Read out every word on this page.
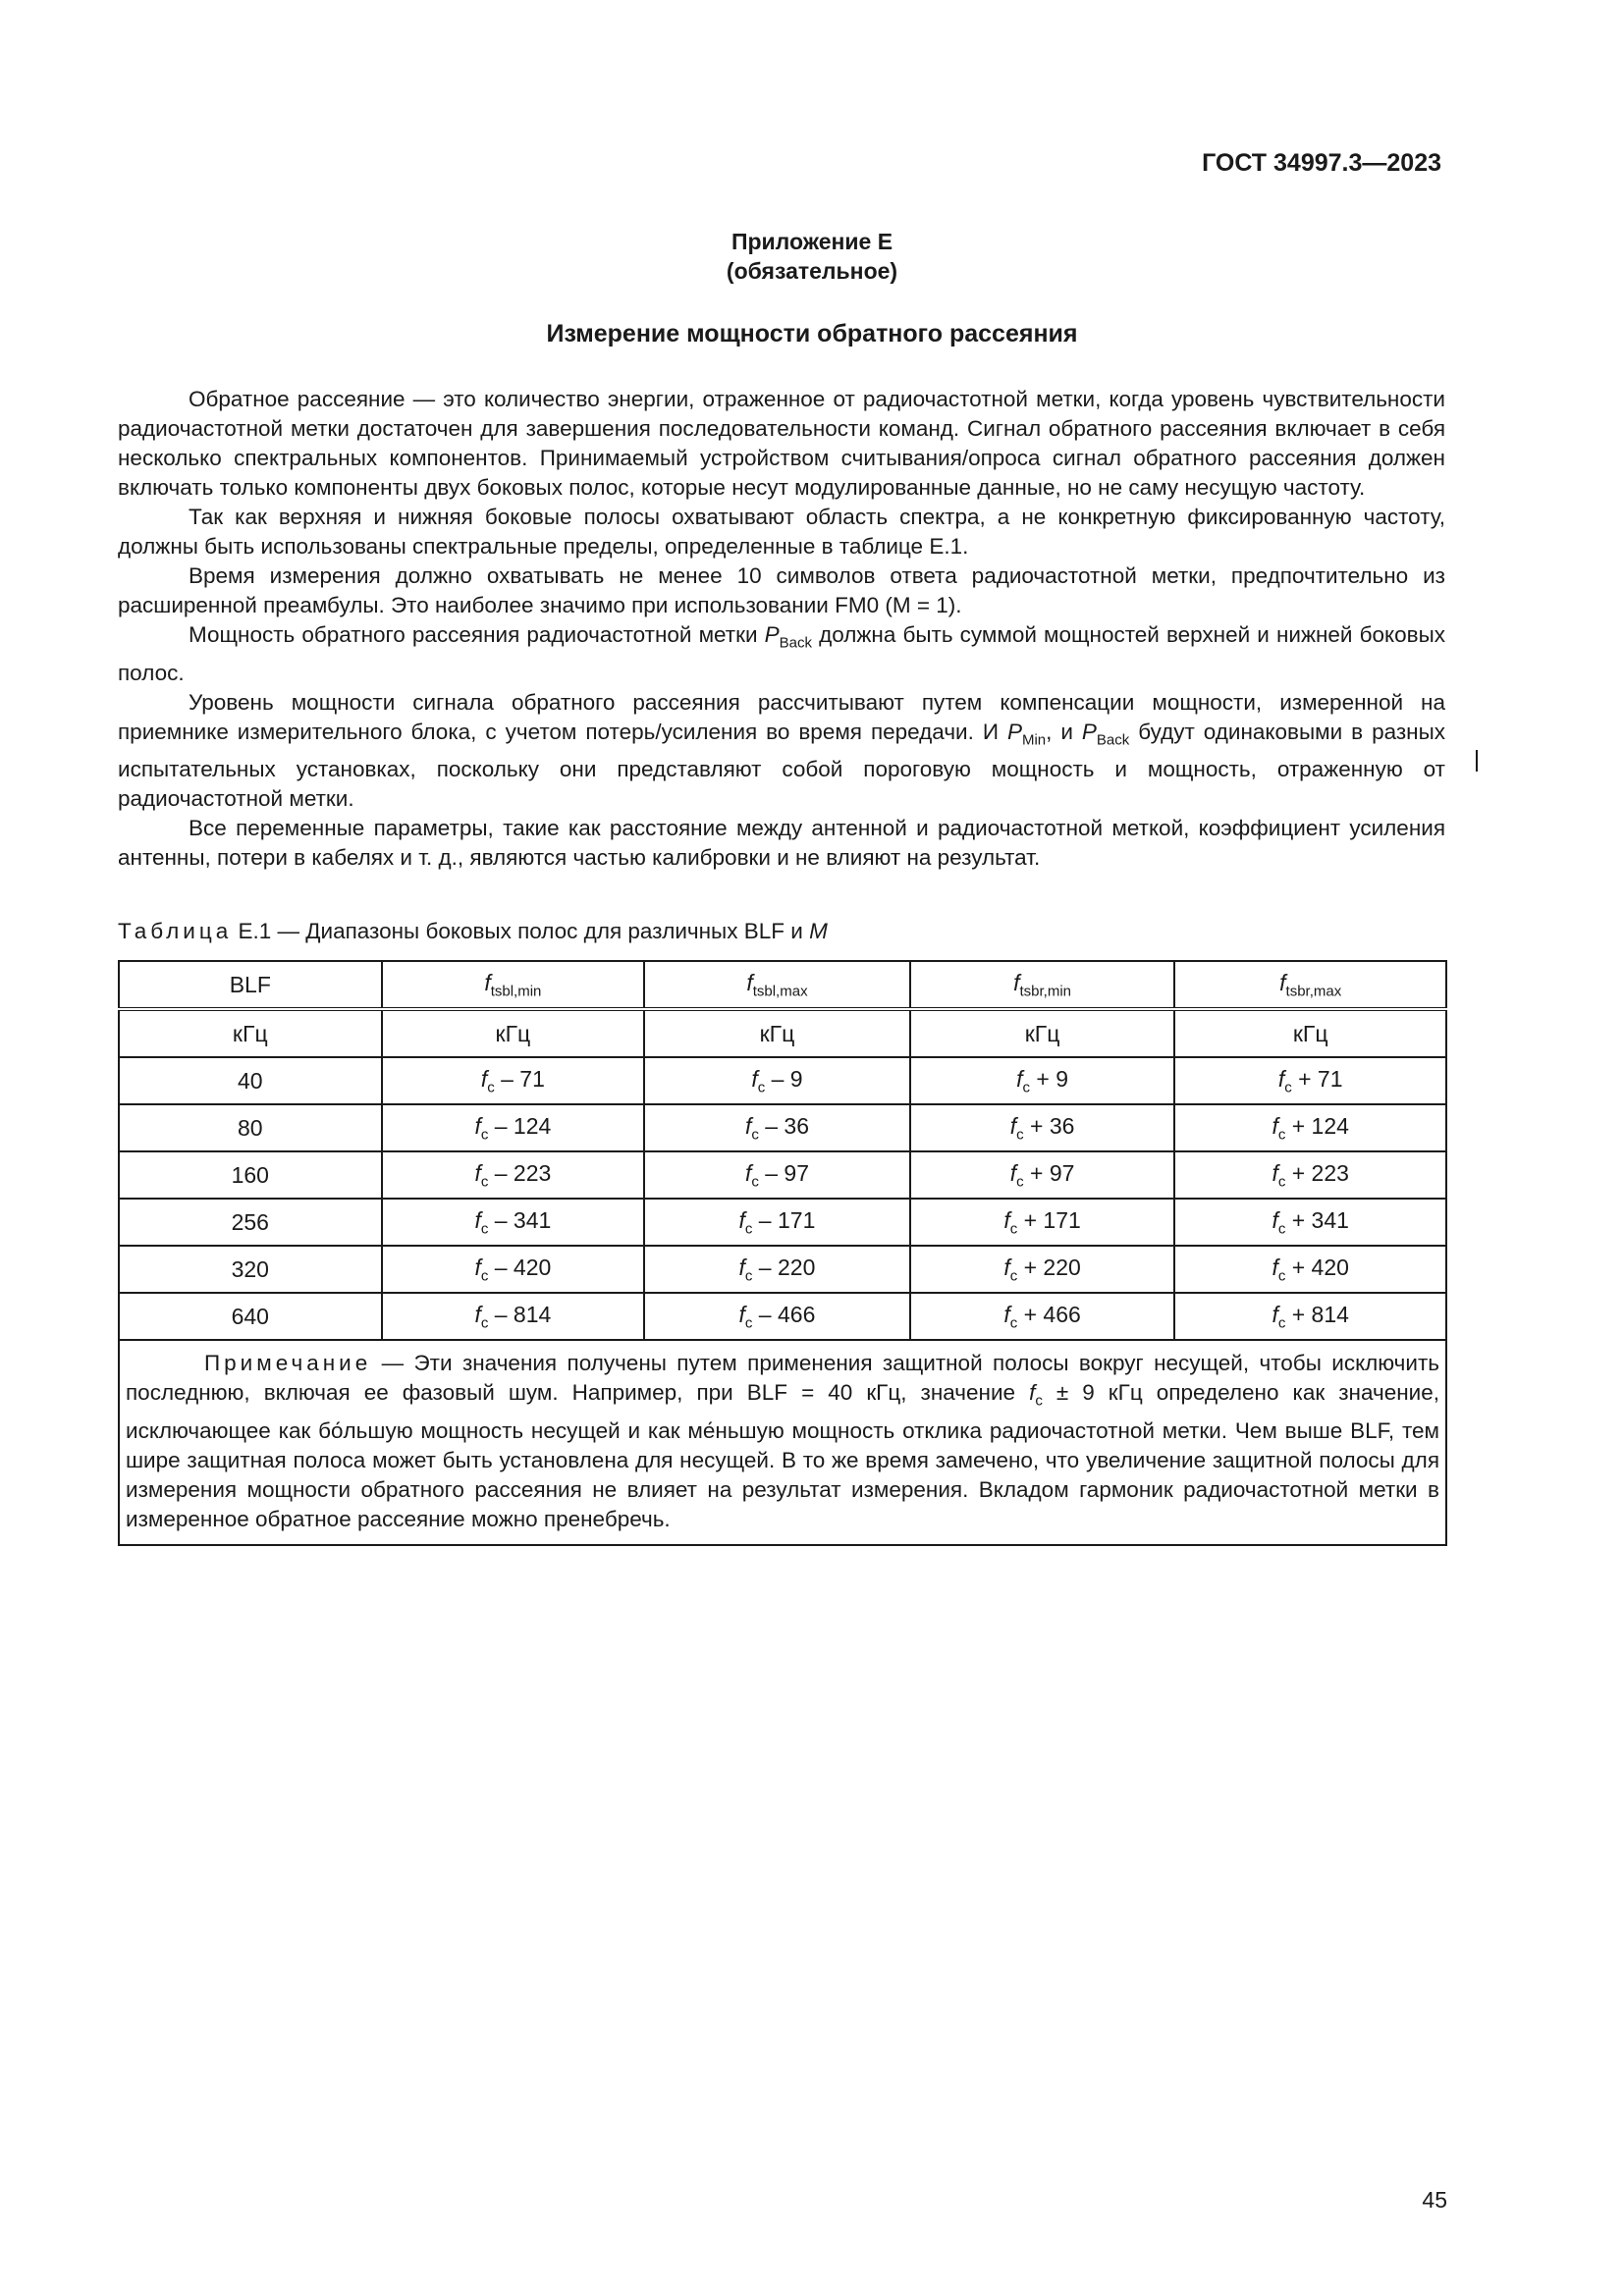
ГОСТ 34997.3—2023
Приложение Е
(обязательное)
Измерение мощности обратного рассеяния

Обратное рассеяние — это количество энергии, отраженное от радиочастотной метки, когда уровень чувствительности радиочастотной метки достаточен для завершения последовательности команд. Сигнал обратного рассеяния включает в себя несколько спектральных компонентов. Принимаемый устройством считывания/опроса сигнал обратного рассеяния должен включать только компоненты двух боковых полос, которые несут модулированные данные, но не саму несущую частоту.

Так как верхняя и нижняя боковые полосы охватывают область спектра, а не конкретную фиксированную частоту, должны быть использованы спектральные пределы, определенные в таблице Е.1.

Время измерения должно охватывать не менее 10 символов ответа радиочастотной метки, предпочтительно из расширенной преамбулы. Это наиболее значимо при использовании FM0 (M = 1).

Мощность обратного рассеяния радиочастотной метки $P_{Back}$ должна быть суммой мощностей верхней и нижней боковых полос.

Уровень мощности сигнала обратного рассеяния рассчитывают путем компенсации мощности, измеренной на приемнике измерительного блока, с учетом потерь/усиления во время передачи. И $P_{Min}$, и $P_{Back}$ будут одинаковыми в разных испытательных установках, поскольку они представляют собой пороговую мощность и мощность, отраженную от радиочастотной метки.

Все переменные параметры, такие как расстояние между антенной и радиочастотной меткой, коэффициент усиления антенны, потери в кабелях и т. д., являются частью калибровки и не влияют на результат.

Таблица Е.1 — Диапазоны боковых полос для различных BLF и M
BLF	$f_{tsbl,min}$	$f_{tsbl,max}$	$f_{tsbr,min}$	$f_{tsbr,max}$
кГц	кГц	кГц	кГц	кГц
40	$f_c - 71$	$f_c - 9$	$f_c + 9$	$f_c + 71$
80	$f_c - 124$	$f_c - 36$	$f_c + 36$	$f_c + 124$
160	$f_c - 223$	$f_c - 97$	$f_c + 97$	$f_c + 223$
256	$f_c - 341$	$f_c - 171$	$f_c + 171$	$f_c + 341$
320	$f_c - 420$	$f_c - 220$	$f_c + 220$	$f_c + 420$
640	$f_c - 814$	$f_c - 466$	$f_c + 466$	$f_c + 814$
Примечание — Эти значения получены путем применения защитной полосы вокруг несущей, чтобы исключить последнюю, включая ее фазовый шум. Например, при BLF = 40 кГц, значение $f_c \pm 9$ кГц определено как значение, исключающее как бо́льшую мощность несущей и как ме́ньшую мощность отклика радиочастотной метки. Чем выше BLF, тем шире защитная полоса может быть установлена для несущей. В то же время замечено, что увеличение защитной полосы для измерения мощности обратного рассеяния не влияет на результат измерения. Вкладом гармоник радиочастотной метки в измеренное обратное рассеяние можно пренебречь.				
45
